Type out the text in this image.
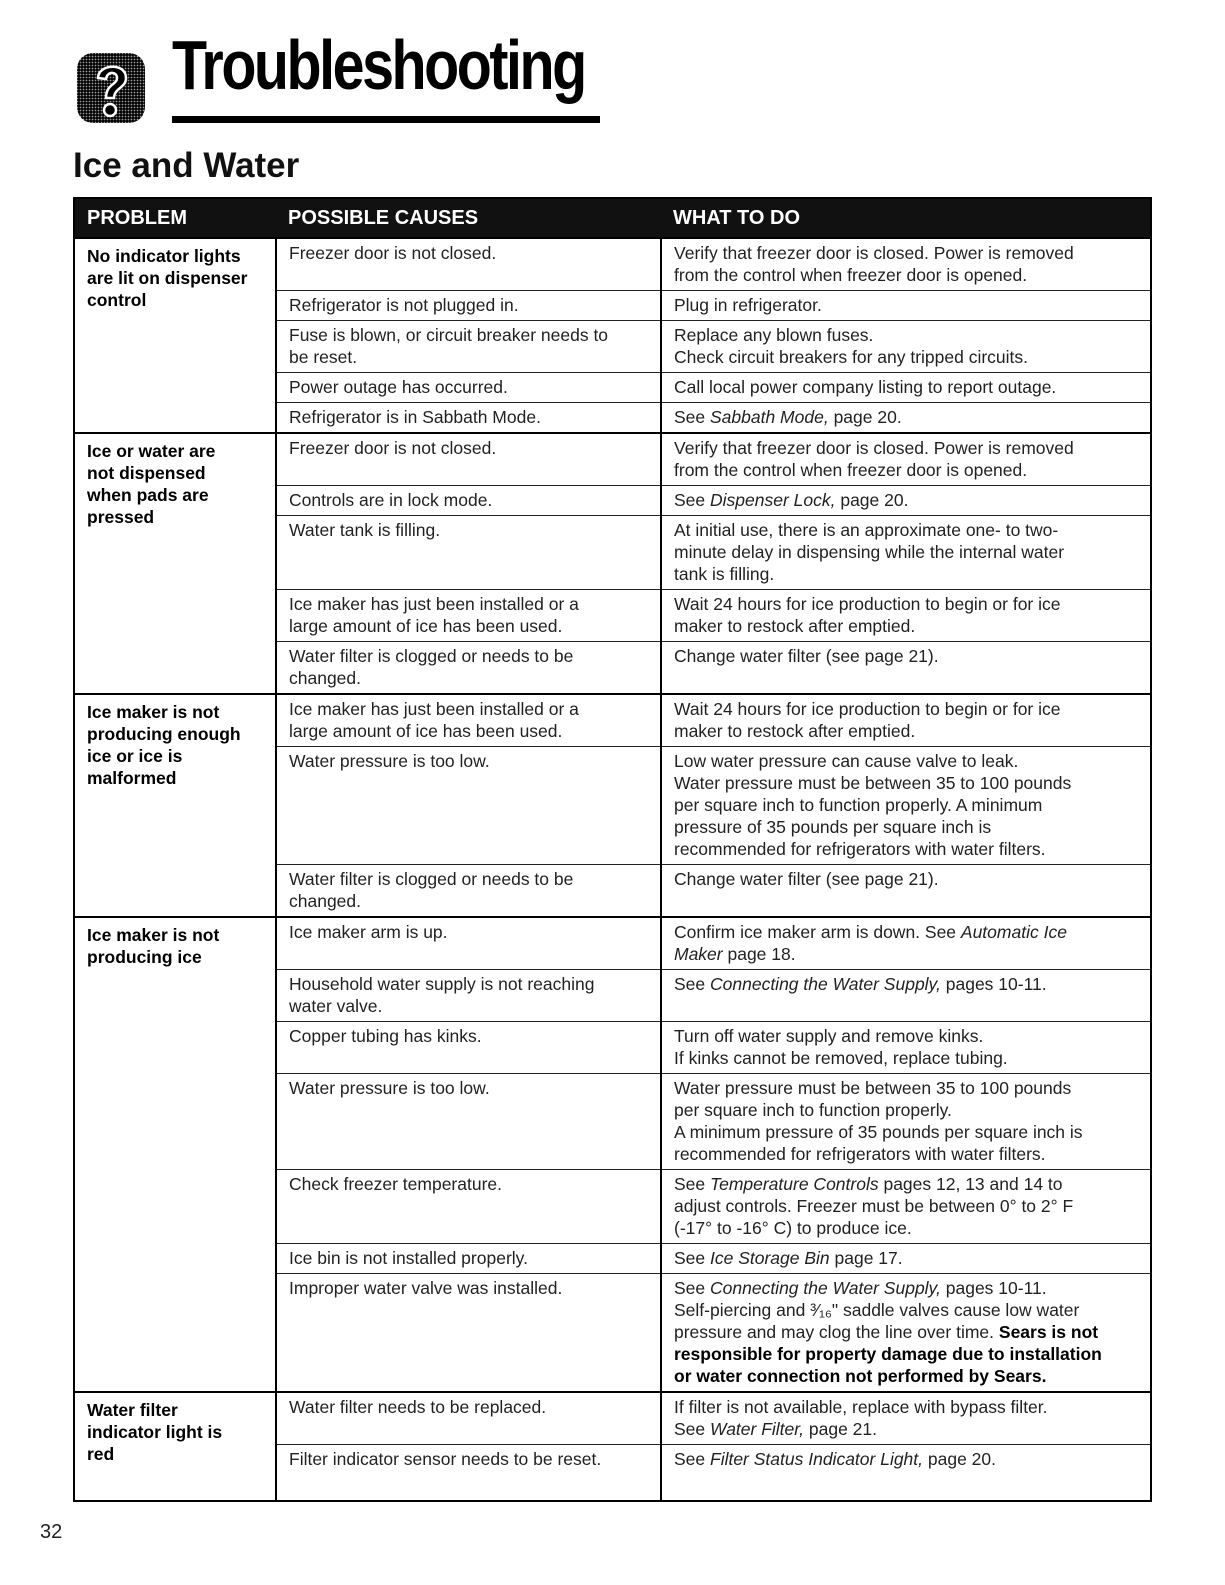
Troubleshooting
Ice and Water
PROBLEM	POSSIBLE CAUSES	WHAT TO DO

No indicator lights
are lit on dispenser
control	Freezer door is not closed.	Verify that freezer door is closed. Power is removed
from the control when freezer door is opened.

	Refrigerator is not plugged in.	Plug in refrigerator.

	Fuse is blown, or circuit breaker needs to
be reset.	Replace any blown fuses.
Check circuit breakers for any tripped circuits.

	Power outage has occurred.	Call local power company listing to report outage.

	Refrigerator is in Sabbath Mode.	See Sabbath Mode, page 20.

Ice or water are
not dispensed
when pads are
pressed	Freezer door is not closed.	Verify that freezer door is closed. Power is removed
from the control when freezer door is opened.

	Controls are in lock mode.	See Dispenser Lock, page 20.

	Water tank is filling.	At initial use, there is an approximate one- to two-
minute delay in dispensing while the internal water
tank is filling.

	Ice maker has just been installed or a
large amount of ice has been used.	Wait 24 hours for ice production to begin or for ice
maker to restock after emptied.

	Water filter is clogged or needs to be
changed.	Change water filter (see page 21).

Ice maker is not
producing enough
ice or ice is
malformed	Ice maker has just been installed or a
large amount of ice has been used.	Wait 24 hours for ice production to begin or for ice
maker to restock after emptied.

	Water pressure is too low.	Low water pressure can cause valve to leak.
Water pressure must be between 35 to 100 pounds
per square inch to function properly. A minimum
pressure of 35 pounds per square inch is
recommended for refrigerators with water filters.

	Water filter is clogged or needs to be
changed.	Change water filter (see page 21).

Ice maker is not
producing ice	Ice maker arm is up.	Confirm ice maker arm is down. See Automatic Ice
Maker page 18.

	Household water supply is not reaching
water valve.	See Connecting the Water Supply, pages 10-11.

	Copper tubing has kinks.	Turn off water supply and remove kinks.
If kinks cannot be removed, replace tubing.

	Water pressure is too low.	Water pressure must be between 35 to 100 pounds
per square inch to function properly.
A minimum pressure of 35 pounds per square inch is
recommended for refrigerators with water filters.

	Check freezer temperature.	See Temperature Controls pages 12, 13 and 14 to
adjust controls. Freezer must be between 0° to 2° F
(-17° to -16° C) to produce ice.

	Ice bin is not installed properly.	See Ice Storage Bin page 17.

	Improper water valve was installed.	See Connecting the Water Supply, pages 10-11.
Self-piercing and ³⁄₁₆" saddle valves cause low water
pressure and may clog the line over time. Sears is not
responsible for property damage due to installation
or water connection not performed by Sears.

Water filter
indicator light is
red	Water filter needs to be replaced.	If filter is not available, replace with bypass filter.
See Water Filter, page 21.

	Filter indicator sensor needs to be reset.	See Filter Status Indicator Light, page 20.
32
